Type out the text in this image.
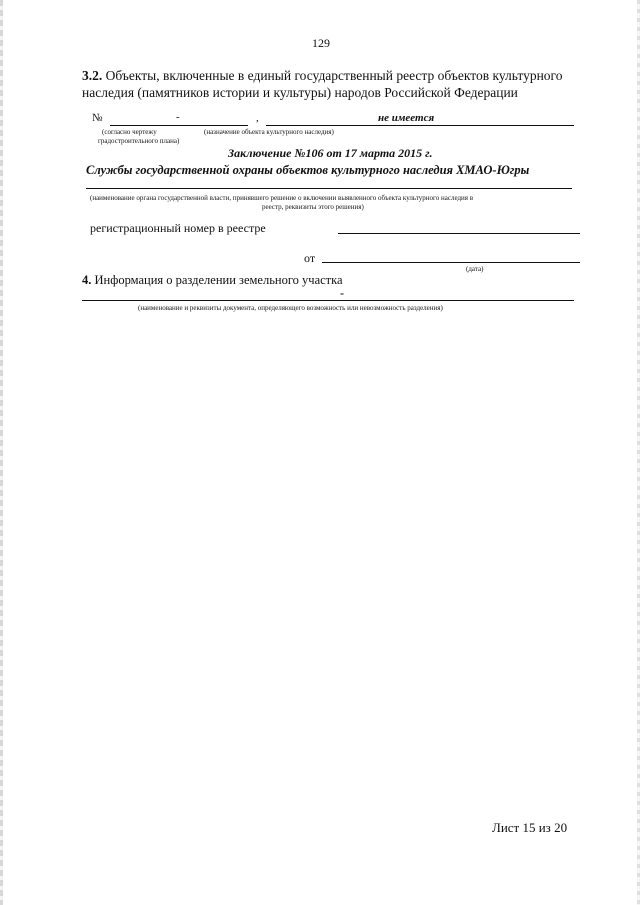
129
3.2. Объекты, включенные в единый государственный реестр объектов культурного
наследия (памятников истории и культуры) народов Российской Федерации
№	-	,	не имеется
(согласно чертежу
градостроительного плана)
(назначение объекта культурного наследия)
Заключение №106 от 17 марта 2015 г.
Службы государственной охраны объектов культурного наследия ХМАО-Югры
(наименование органа государственной власти, принявшего решение о включении выявленного объекта культурного наследия в
реестр, реквизиты этого решения)
регистрационный номер в реестре
от
(дата)
4. Информация о разделении земельного участка
-
(наименование и реквизиты документа, определяющего возможность или невозможность разделения)
Лист 15 из 20
